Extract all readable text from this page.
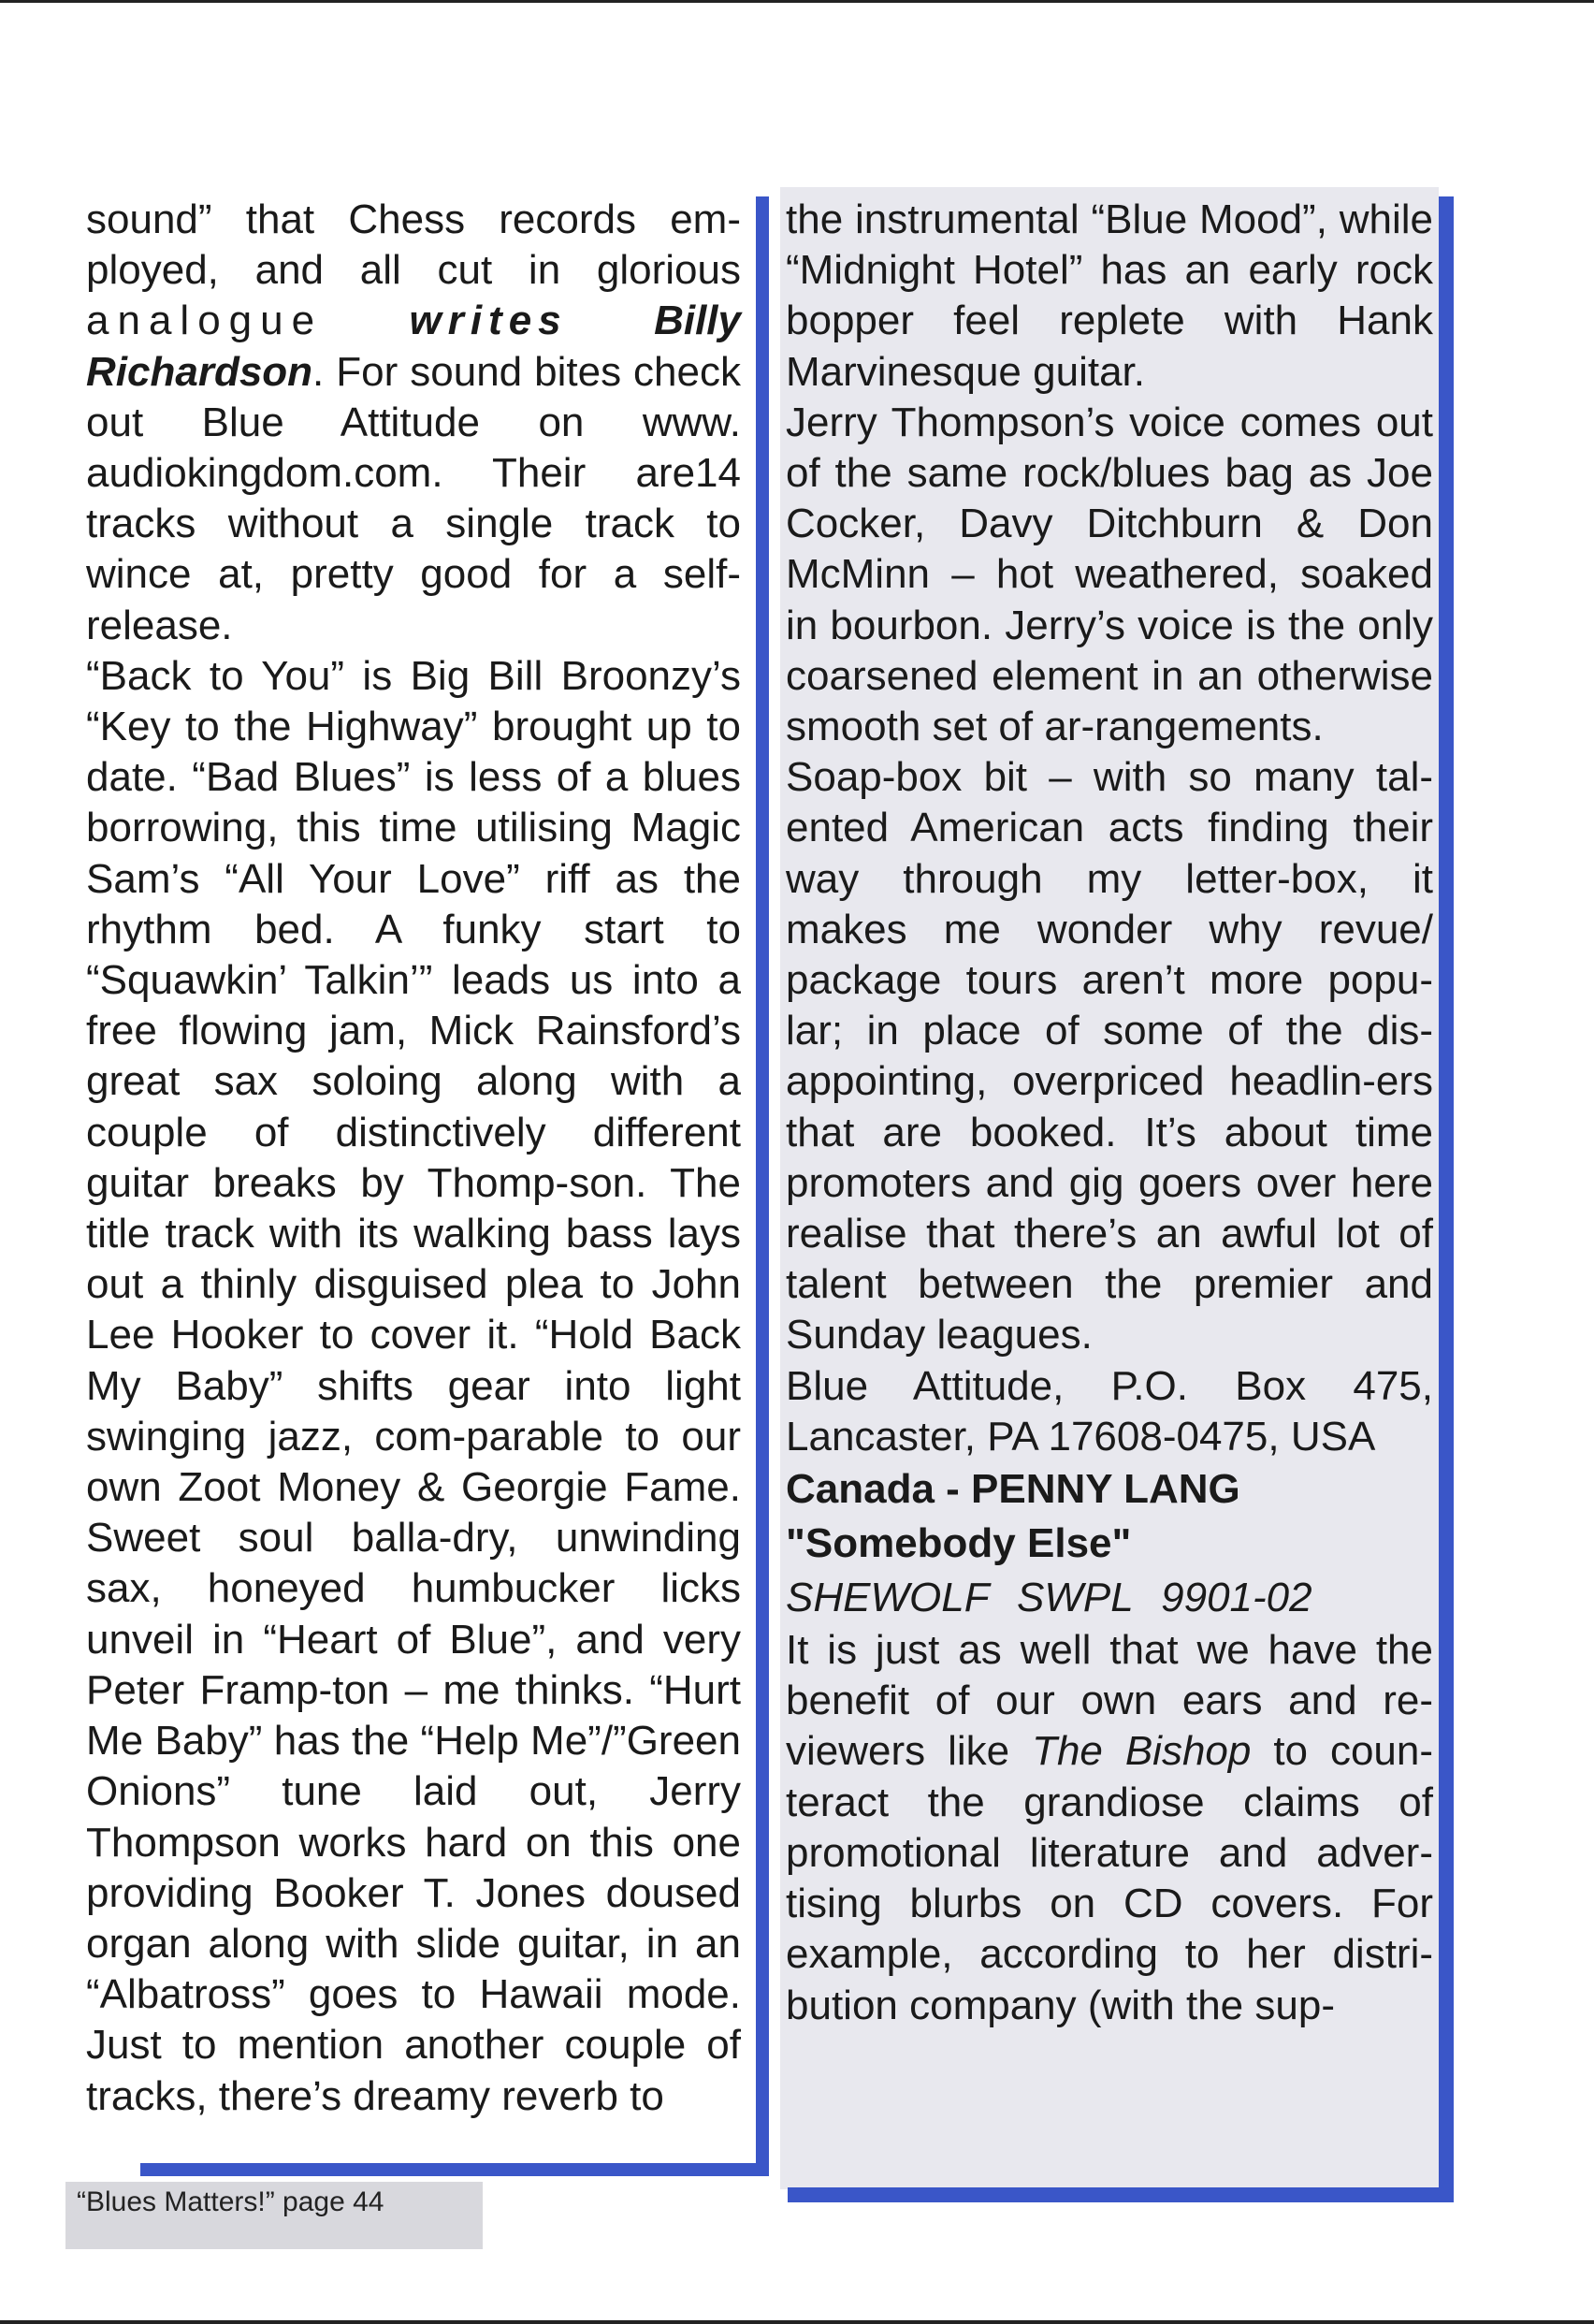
sound” that Chess records em-ployed, and all cut in glorious analogue writes Billy Richardson. For sound bites check out Blue Attitude on www. audiokingdom.com. Their are14 tracks without a single track to wince at, pretty good for a self-release.

“Back to You” is Big Bill Broonzy’s “Key to the Highway” brought up to date. “Bad Blues” is less of a blues borrowing, this time utilising Magic Sam’s “All Your Love” riff as the rhythm bed. A funky start to “Squawkin’ Talkin’” leads us into a free flowing jam, Mick Rainsford’s great sax soloing along with a couple of distinctively different guitar breaks by Thomp-son. The title track with its walking bass lays out a thinly disguised plea to John Lee Hooker to cover it. “Hold Back My Baby” shifts gear into light swinging jazz, com-parable to our own Zoot Money & Georgie Fame. Sweet soul balla-dry, unwinding sax, honeyed humbucker licks unveil in “Heart of Blue”, and very Peter Framp-ton – me thinks. “Hurt Me Baby” has the “Help Me”/”Green Onions” tune laid out, Jerry Thompson works hard on this one providing Booker T. Jones doused organ along with slide guitar, in an “Albatross” goes to Hawaii mode. Just to mention another couple of tracks, there’s dreamy reverb to

the instrumental “Blue Mood”, while “Midnight Hotel” has an early rock bopper feel replete with Hank Marvinesque guitar.

Jerry Thompson’s voice comes out of the same rock/blues bag as Joe Cocker, Davy Ditchburn & Don McMinn – hot weathered, soaked in bourbon. Jerry’s voice is the only coarsened element in an otherwise smooth set of ar-rangements.

Soap-box bit – with so many tal-ented American acts finding their way through my letter-box, it makes me wonder why revue/ package tours aren’t more popu-lar; in place of some of the dis-appointing, overpriced headlin-ers that are booked. It’s about time promoters and gig goers over here realise that there’s an awful lot of talent between the premier and Sunday leagues.

Blue Attitude, P.O. Box 475, Lancaster, PA 17608-0475, USA

Canada - PENNY LANG

"Somebody Else"

SHEWOLF SWPL 9901-02

It is just as well that we have the benefit of our own ears and re-viewers like The Bishop to coun-teract the grandiose claims of promotional literature and adver-tising blurbs on CD covers. For example, according to her distri-bution company (with the sup-

“Blues Matters!” page 44
